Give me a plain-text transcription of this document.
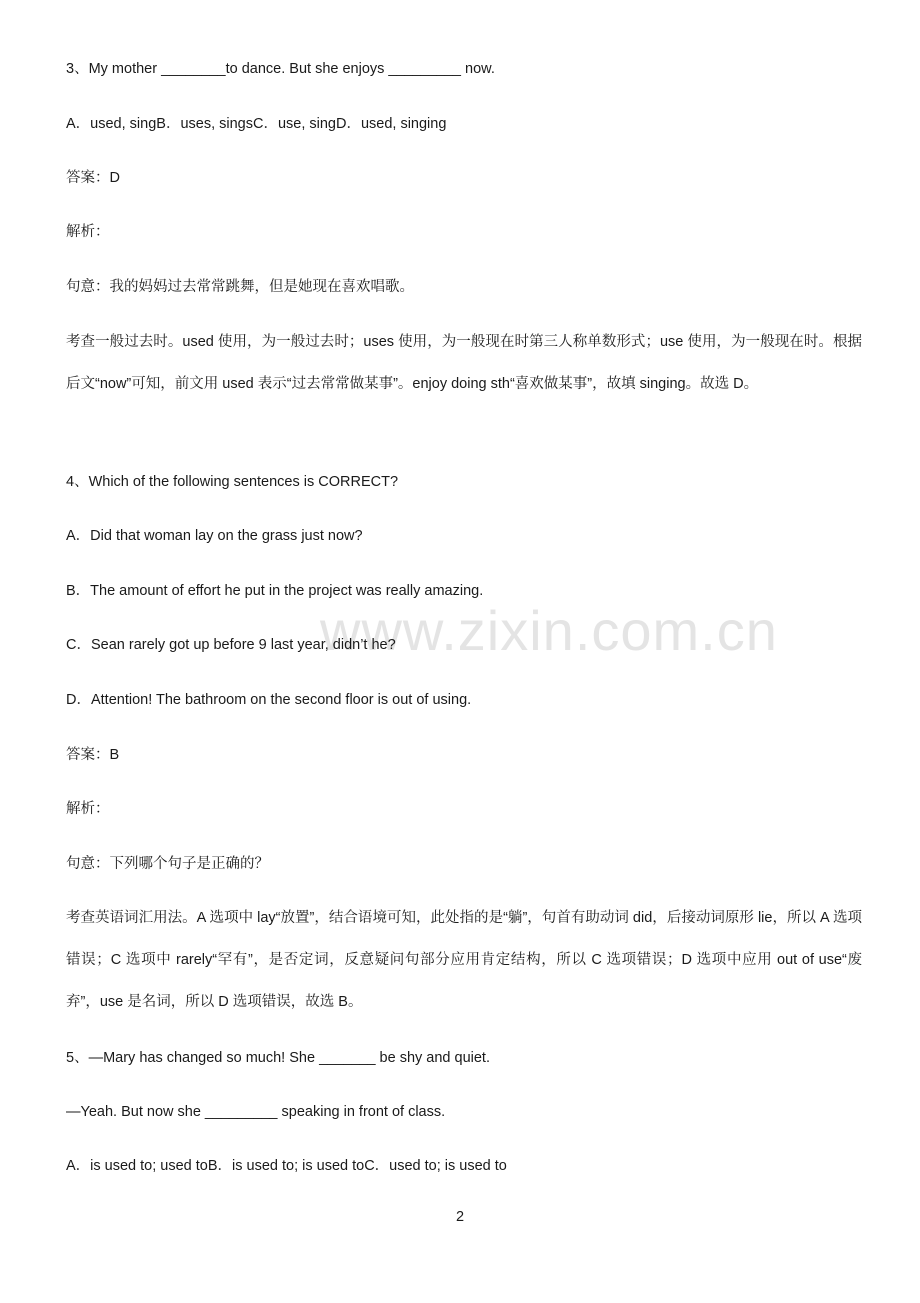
www.zixin.com.cn
3、My mother ________to dance. But she enjoys _________ now.
A．used, singB．uses, singsC．use, singD．used, singing
答案：D
解析：
句意：我的妈妈过去常常跳舞，但是她现在喜欢唱歌。
考查一般过去时。used 使用，为一般过去时；uses 使用，为一般现在时第三人称单数形式；use 使用，为一般现在时。根据后文“now”可知，前文用 used 表示“过去常常做某事”。enjoy doing sth“喜欢做某事”，故填 singing。故选 D。
4、Which of the following sentences is CORRECT?
A．Did that woman lay on the grass just now?
B．The amount of effort he put in the project was really amazing.
C．Sean rarely got up before 9 last year, didn’t he?
D．Attention! The bathroom on the second floor is out of using.
答案：B
解析：
句意：下列哪个句子是正确的？
考查英语词汇用法。A 选项中 lay“放置”，结合语境可知，此处指的是“躺”，句首有助动词 did，后接动词原形 lie，所以 A 选项错误；C 选项中 rarely“罕有”，是否定词，反意疑问句部分应用肯定结构，所以 C 选项错误；D 选项中应用 out of use“废弃”，use 是名词，所以 D 选项错误，故选 B。
5、—Mary has changed so much! She _______ be shy and quiet.
—Yeah. But now she _________ speaking in front of class.
A．is used to; used toB．is used to; is used toC．used to; is used to
2
